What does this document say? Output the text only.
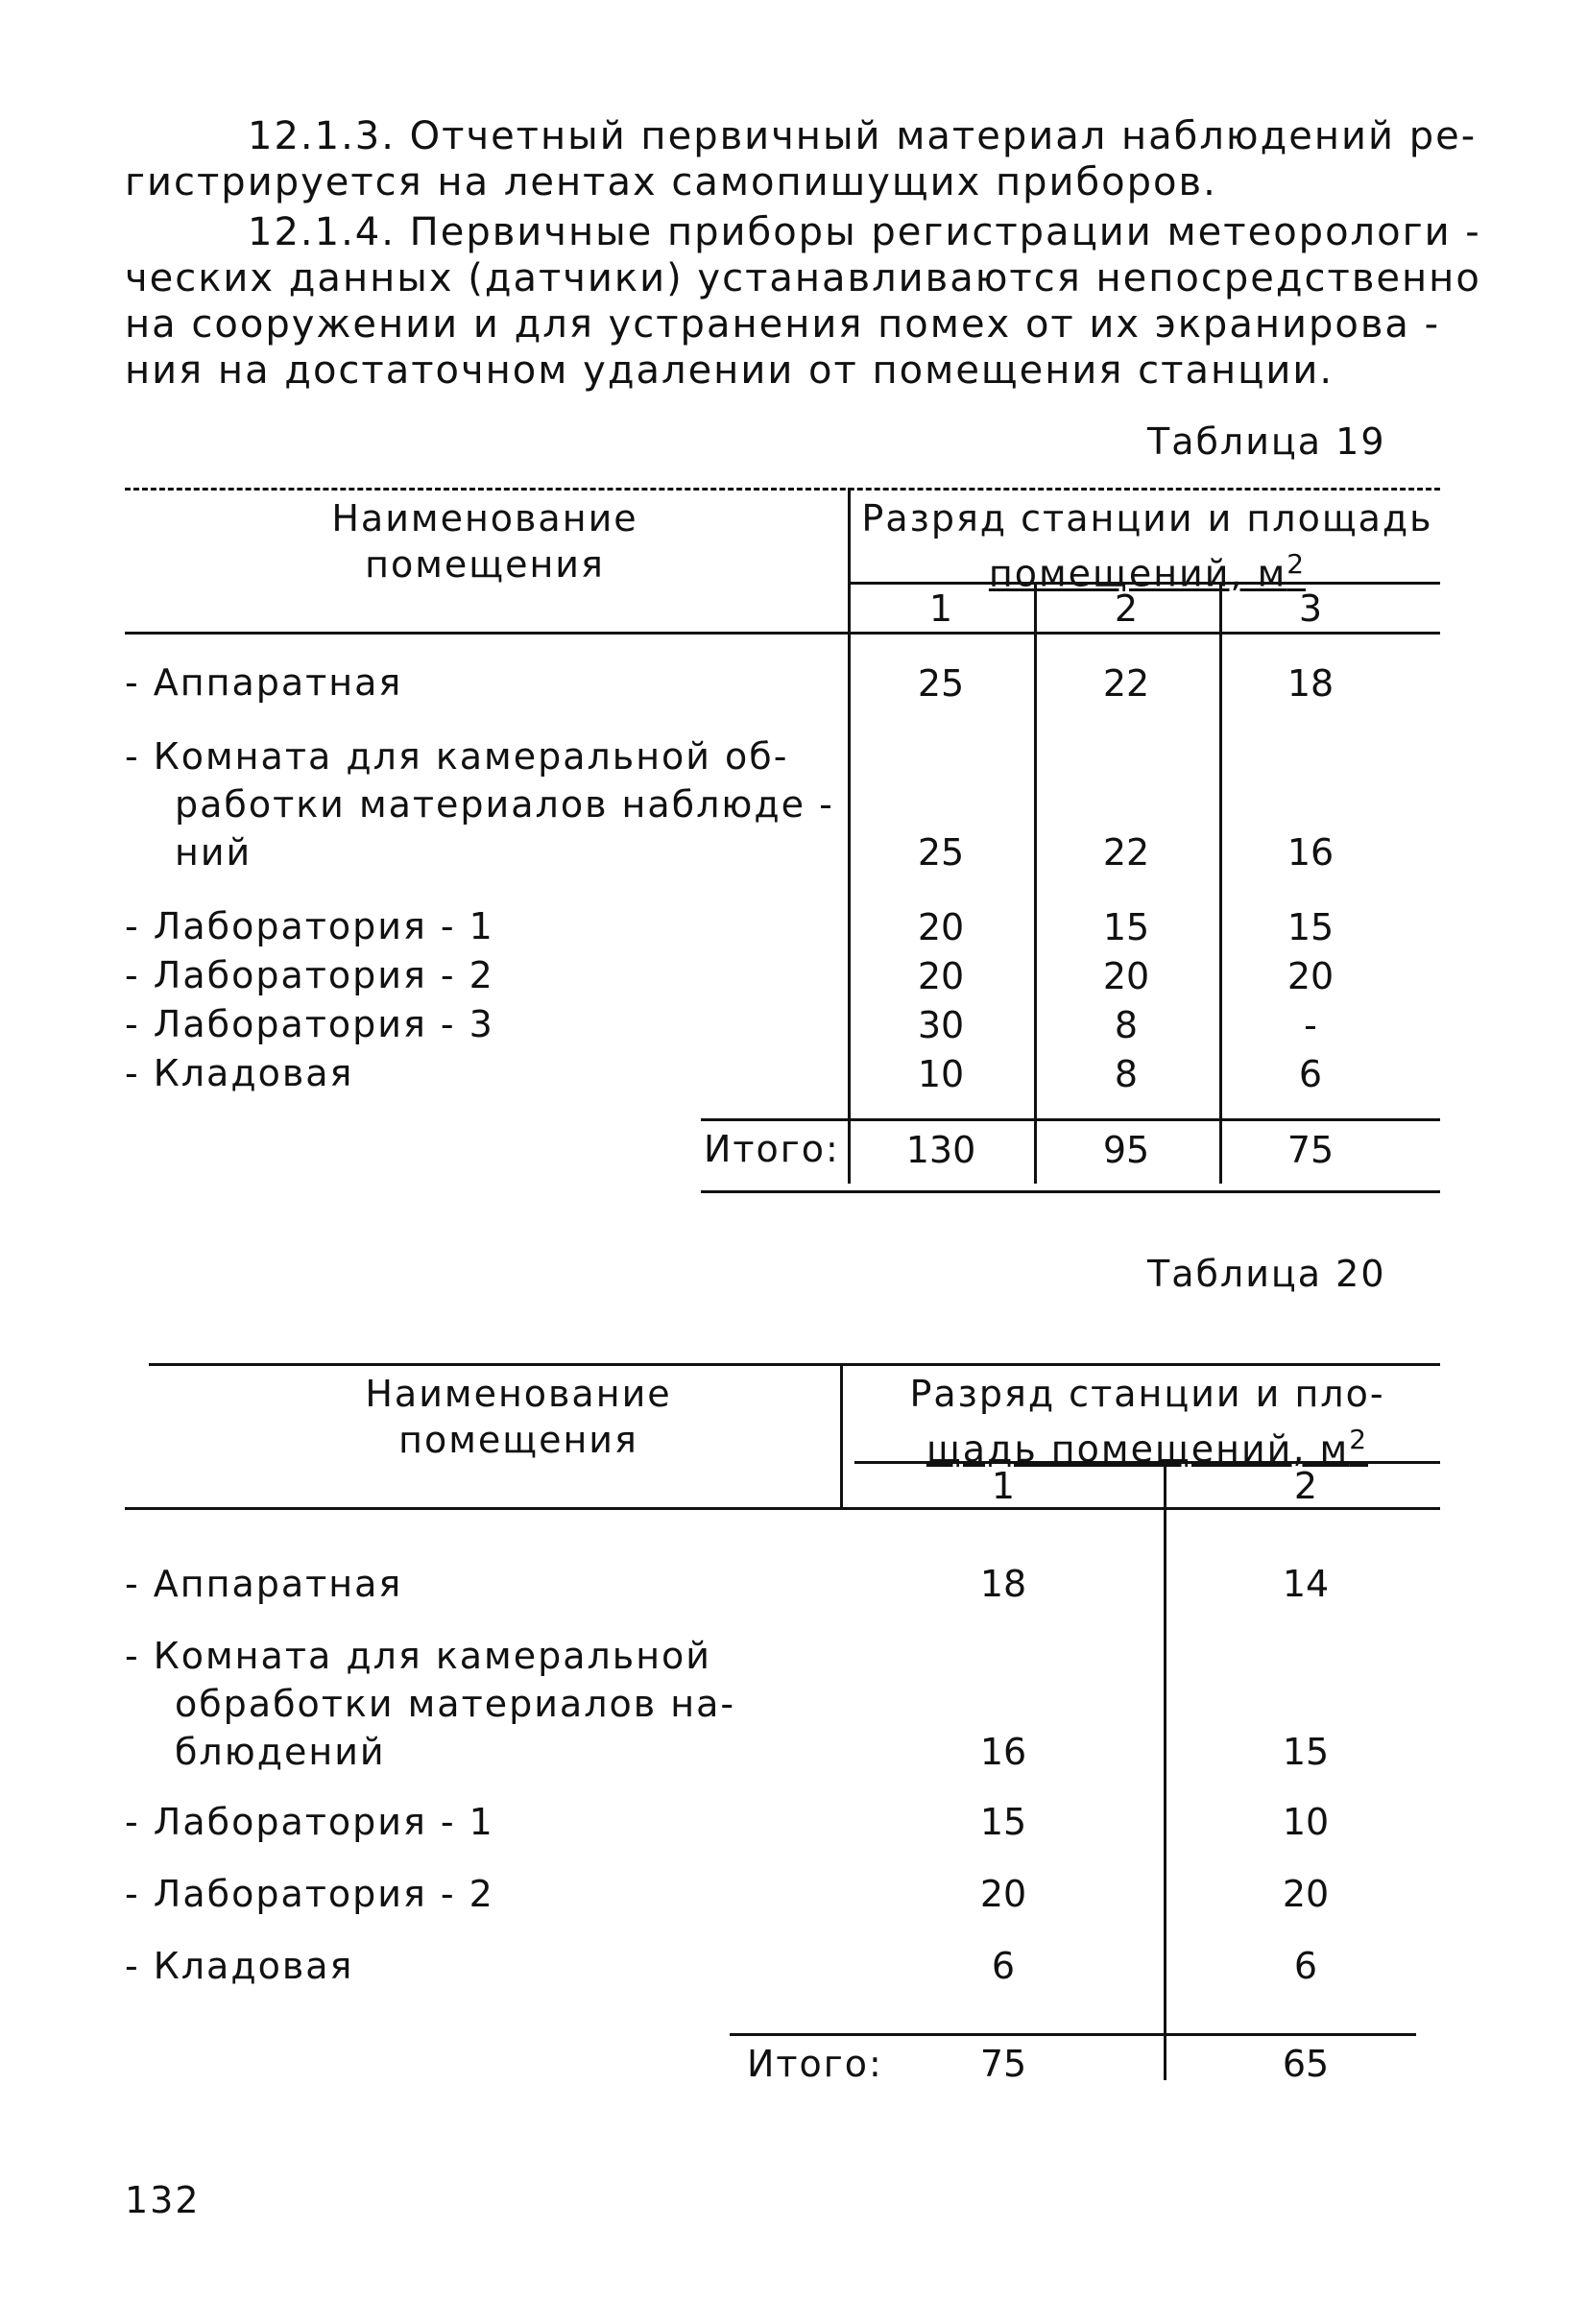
12.1.3. Отчетный первичный материал наблюдений ре-
гистрируется на лентах самопишущих приборов.
12.1.4. Первичные приборы регистрации метеорологи -
ческих данных (датчики) устанавливаются непосредственно
на сооружении и для устранения помех от их экранирова -
ния на достаточном удалении от помещения станции.
Таблица 19
Наименование
помещения
Разряд станции и площадь
помещений, $м^2$
1	2	3
- Аппаратная	25	22	18
- Комната для камеральной об-
работки материалов наблюде -
ний	25	22	16
- Лаборатория - 1	20	15	15
- Лаборатория - 2	20	20	20
- Лаборатория - 3	30	8	-
- Кладовая	10	8	6
Итого:	130	95	75
Таблица 20
Наименование
помещения
Разряд станции и пло-
щадь помещений, $м^2$
1	2
- Аппаратная	18	14
- Комната для камеральной
обработки материалов на-
блюдений	16	15
- Лаборатория - 1	15	10
- Лаборатория - 2	20	20
- Кладовая	6	6
Итого:	75	65
132
